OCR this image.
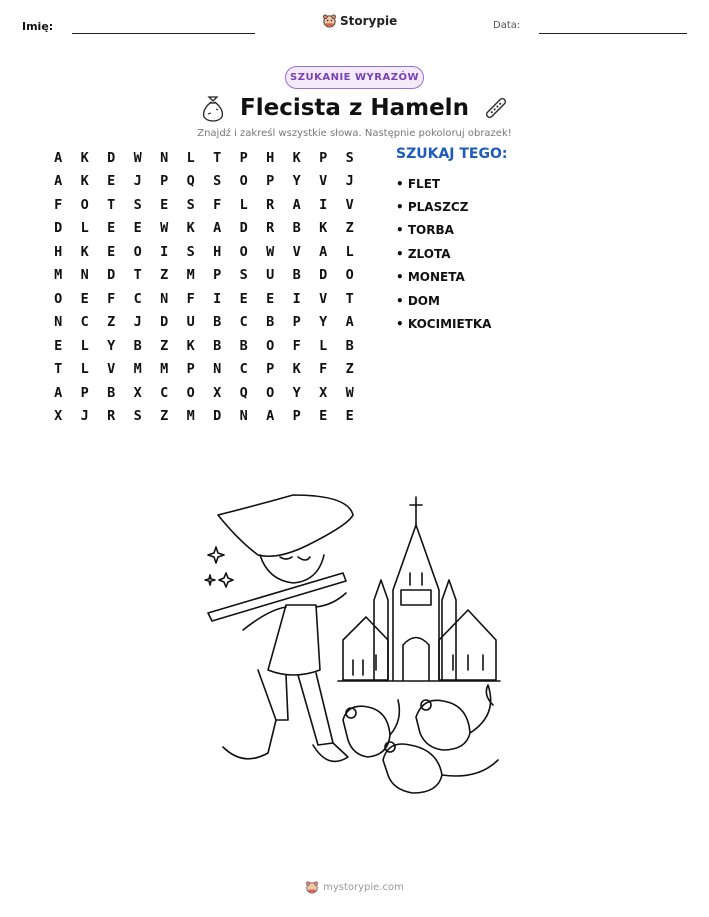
Imię:	Storypie	Data:
SZUKANIE WYRAZÓW
Flecista z Hameln
Znajdź i zakreśl wszystkie słowa. Następnie pokoloruj obrazek!
A	K	D	W	N	L	T	P	H	K	P	S
A	K	E	J	P	Q	S	O	P	Y	V	J
F	O	T	S	E	S	F	L	R	A	I	V
D	L	E	E	W	K	A	D	R	B	K	Z
H	K	E	O	I	S	H	O	W	V	A	L
M	N	D	T	Z	M	P	S	U	B	D	O
O	E	F	C	N	F	I	E	E	I	V	T
N	C	Z	J	D	U	B	C	B	P	Y	A
E	L	Y	B	Z	K	B	B	O	F	L	B
T	L	V	M	M	P	N	C	P	K	F	Z
A	P	B	X	C	O	X	Q	O	Y	X	W
X	J	R	S	Z	M	D	N	A	P	E	E
SZUKAJ TEGO:
• FLET
• PLASZCZ
• TORBA
• ZLOTA
• MONETA
• DOM
• KOCIMIETKA
mystorypie.com
